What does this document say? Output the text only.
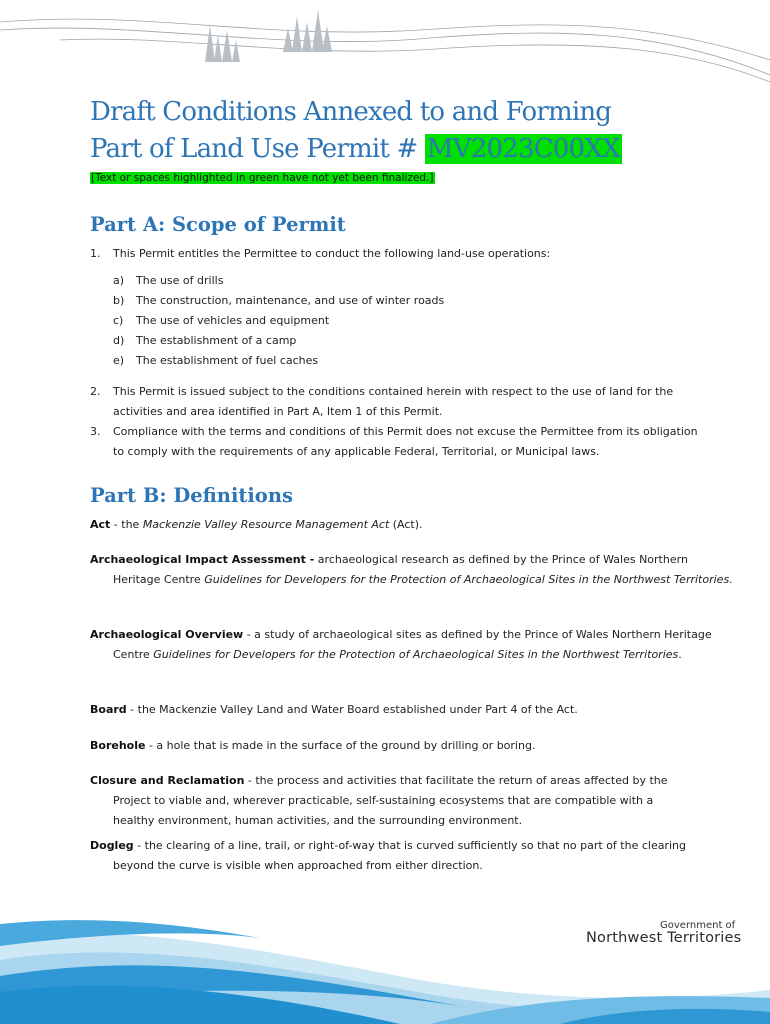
Draft Conditions Annexed to and Forming
Part of Land Use Permit # MV2023C00XX
[Text or spaces highlighted in green have not yet been finalized.]
Part A: Scope of Permit
1.	This Permit entitles the Permittee to conduct the following land-use operations:
a)	The use of drills
b)	The construction, maintenance, and use of winter roads
c)	The use of vehicles and equipment
d)	The establishment of a camp
e)	The establishment of fuel caches
2.	This Permit is issued subject to the conditions contained herein with respect to the use of land for the activities and area identified in Part A, Item 1 of this Permit.
3.	Compliance with the terms and conditions of this Permit does not excuse the Permittee from its obligation to comply with the requirements of any applicable Federal, Territorial, or Municipal laws.
Part B: Definitions
Act - the Mackenzie Valley Resource Management Act (Act).
Archaeological Impact Assessment - archaeological research as defined by the Prince of Wales Northern Heritage Centre Guidelines for Developers for the Protection of Archaeological Sites in the Northwest Territories.
Archaeological Overview - a study of archaeological sites as defined by the Prince of Wales Northern Heritage Centre Guidelines for Developers for the Protection of Archaeological Sites in the Northwest Territories.
Board - the Mackenzie Valley Land and Water Board established under Part 4 of the Act.
Borehole - a hole that is made in the surface of the ground by drilling or boring.
Closure and Reclamation - the process and activities that facilitate the return of areas affected by the Project to viable and, wherever practicable, self-sustaining ecosystems that are compatible with a healthy environment, human activities, and the surrounding environment.
Dogleg - the clearing of a line, trail, or right-of-way that is curved sufficiently so that no part of the clearing beyond the curve is visible when approached from either direction.
Government of
Northwest Territories
